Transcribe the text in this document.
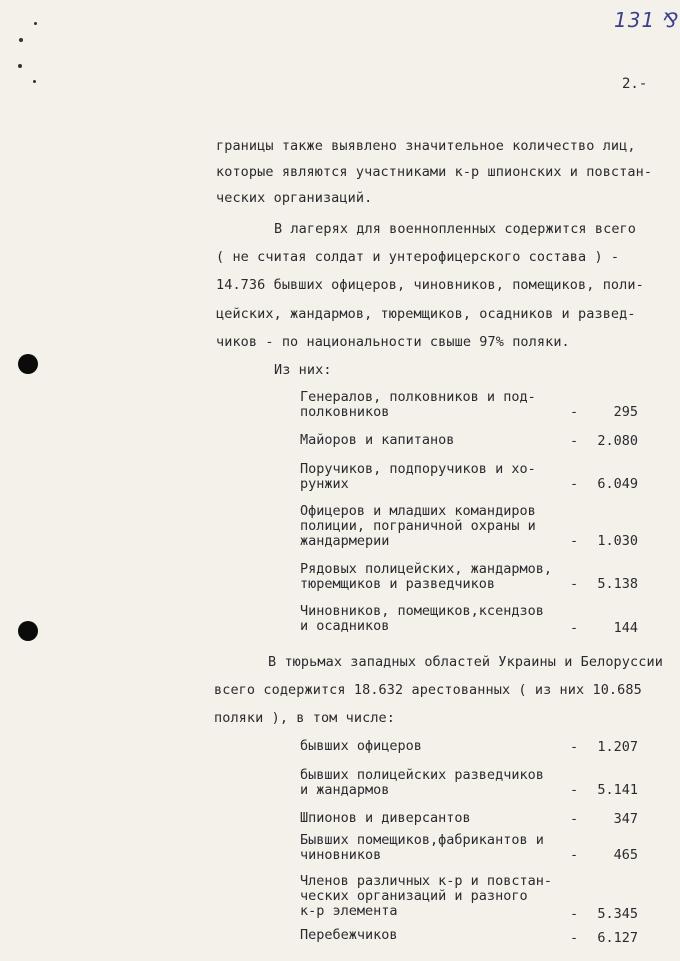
131 ⅋
2.-
границы также выявлено значительное количество лиц,
которые являются участниками к-р шпионских и повстан-
ческих организаций.
В лагерях для военнопленных содержится всего
( не считая солдат и унтерофицерского состава ) -
14.736 бывших офицеров, чиновников, помещиков, поли-
цейских, жандармов, тюремщиков, осадников и развед-
чиков - по национальности свыше 97% поляки.
Из них:
Генералов, полковников и под-
полковников	-	295
Майоров и капитанов	-	2.080
Поручиков, подпоручиков и хо-
рунжих	-	6.049
Офицеров и младших командиров
полиции, пограничной охраны и
жандармерии	-	1.030
Рядовых полицейских, жандармов,
тюремщиков и разведчиков	-	5.138
Чиновников, помещиков,ксендзов
и осадников	-	144
В тюрьмах западных областей Украины и Белоруссии
всего содержится 18.632 арестованных ( из них 10.685
поляки ), в том числе:
бывших офицеров	-	1.207
бывших полицейских разведчиков
и жандармов	-	5.141
Шпионов и диверсантов	-	347
Бывших помещиков,фабрикантов и
чиновников	-	465
Членов различных к-р и повстан-
ческих организаций и разного
к-р элемента	-	5.345
Перебежчиков	-	6.127
